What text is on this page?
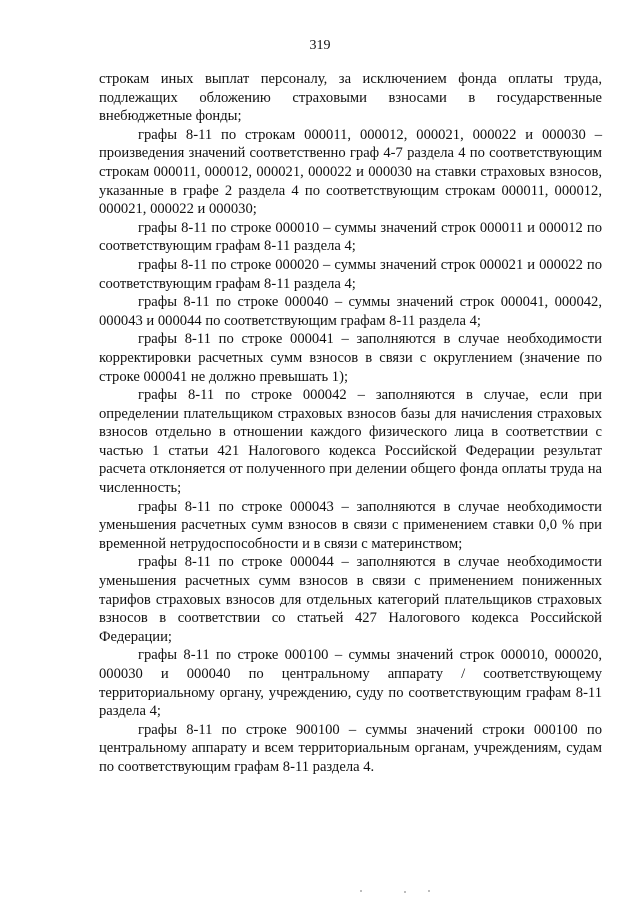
319

строкам иных выплат персоналу, за исключением фонда оплаты труда, подлежащих обложению страховыми взносами в государственные внебюджетные фонды;

графы 8-11 по строкам 000011, 000012, 000021, 000022 и 000030 – произведения значений соответственно граф 4-7 раздела 4 по соответствующим строкам 000011, 000012, 000021, 000022 и 000030 на ставки страховых взносов, указанные в графе 2 раздела 4 по соответствующим строкам 000011, 000012, 000021, 000022 и 000030;

графы 8-11 по строке 000010 – суммы значений строк 000011 и 000012 по соответствующим графам 8-11 раздела 4;

графы 8-11 по строке 000020 – суммы значений строк 000021 и 000022 по соответствующим графам 8-11 раздела 4;

графы 8-11 по строке 000040 – суммы значений строк 000041, 000042, 000043 и 000044 по соответствующим графам 8-11 раздела 4;

графы 8-11 по строке 000041 – заполняются в случае необходимости корректировки расчетных сумм взносов в связи с округлением (значение по строке 000041 не должно превышать 1);

графы 8-11 по строке 000042 – заполняются в случае, если при определении плательщиком страховых взносов базы для начисления страховых взносов отдельно в отношении каждого физического лица в соответствии с частью 1 статьи 421 Налогового кодекса Российской Федерации результат расчета отклоняется от полученного при делении общего фонда оплаты труда на численность;

графы 8-11 по строке 000043 – заполняются в случае необходимости уменьшения расчетных сумм взносов в связи с применением ставки 0,0 % при временной нетрудоспособности и в связи с материнством;

графы 8-11 по строке 000044 – заполняются в случае необходимости уменьшения расчетных сумм взносов в связи с применением пониженных тарифов страховых взносов для отдельных категорий плательщиков страховых взносов в соответствии со статьей 427 Налогового кодекса Российской Федерации;

графы 8-11 по строке 000100 – суммы значений строк 000010, 000020, 000030 и 000040 по центральному аппарату / соответствующему территориальному органу, учреждению, суду по соответствующим графам 8-11 раздела 4;

графы 8-11 по строке 900100 – суммы значений строки 000100 по центральному аппарату и всем территориальным органам, учреждениям, судам по соответствующим графам 8-11 раздела 4.
